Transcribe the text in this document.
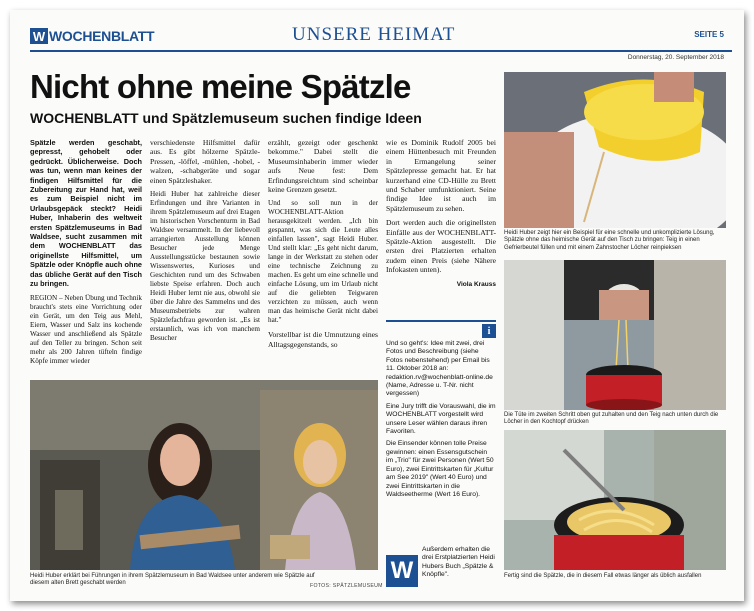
W WOCHENBLATT	UNSERE HEIMAT	SEITE 5
Donnerstag, 20. September 2018
Nicht ohne meine Spätzle
WOCHENBLATT und Spätzlemuseum suchen findige Ideen

Spätzle werden geschabt, gepresst, gehobelt oder gedrückt. Üblicherweise. Doch was tun, wenn man keines der findigen Hilfsmittel für die Zubereitung zur Hand hat, weil es zum Beispiel nicht im Urlaubsgepäck steckt? Heidi Huber, Inhaberin des weltweit ersten Spätzlemuseums in Bad Waldsee, sucht zusammen mit dem WOCHENBLATT das originellste Hilfsmittel, um Spätzle oder Knöpfle auch ohne das übliche Gerät auf den Tisch zu bringen.

REGION – Neben Übung und Technik braucht's stets eine Vorrichtung oder ein Gerät, um den Teig aus Mehl, Eiern, Wasser und Salz ins kochende Wasser und anschließend als Spätzle auf den Teller zu bringen. Schon seit mehr als 200 Jahren tüfteln findige Köpfe immer wieder

verschiedenste Hilfsmittel dafür aus. Es gibt hölzerne Spätzle-Pressen, -löffel, -mühlen, -hobel, -walzen, -schabgeräte und sogar einen Spätzleshaker.

Heidi Huber hat zahlreiche dieser Erfindungen und ihre Varianten in ihrem Spätzlemuseum auf drei Etagen im historischen Vorschenturm in Bad Waldsee versammelt. In der liebevoll arrangierten Ausstellung können Besucher jede Menge Ausstellungsstücke bestaunen sowie Wissenswertes, Kurioses und Geschichten rund um des Schwaben liebste Speise erfahren. Doch auch Heidi Huber lernt nie aus, obwohl sie über die Jahre des Sammelns und des Museumsbetriebs zur wahren Spätzlefachfrau geworden ist. „Es ist erstaunlich, was ich von manchem Besucher

erzählt, gezeigt oder geschenkt bekomme." Dabei stellt die Museumsinhaberin immer wieder aufs Neue fest: Dem Erfindungsreichtum sind scheinbar keine Grenzen gesetzt.

Und so soll nun in der WOCHENBLATT-Aktion herausgekitzelt werden. „Ich bin gespannt, was sich die Leute alles einfallen lassen", sagt Heidi Huber. Und stellt klar: „Es geht nicht darum, lange in der Werkstatt zu stehen oder eine technische Zeichnung zu machen. Es geht um eine schnelle und einfache Lösung, um im Urlaub nicht auf die geliebten Teigwaren verzichten zu müssen, auch wenn man das heimische Gerät nicht dabei hat."

Vorstellbar ist die Umnutzung eines Alltagsgegenstands, so

wie es Dominik Rudolf 2005 bei einem Hüttenbesuch mit Freunden in Ermangelung seiner Spätzlepresse gemacht hat. Er hat kurzerhand eine CD-Hülle zu Brett und Schaber umfunktioniert. Seine findige Idee ist auch im Spätzlemuseum zu sehen.

Dort werden auch die originellsten Einfälle aus der WOCHENBLATT-Spätzle-Aktion ausgestellt. Die ersten drei Platzierten erhalten zudem einen Preis (siehe Nähere Infokasten unten).

Viola Krauss

i

Und so geht's: Idee mit zwei, drei Fotos und Beschreibung (siehe Fotos nebenstehend) per Email bis 11. Oktober 2018 an: redaktion.rv@wochenblatt-online.de (Name, Adresse u. T-Nr. nicht vergessen)

Eine Jury trifft die Vorauswahl, die im WOCHENBLATT vorgestellt wird unsere Leser wählen daraus ihren Favoriten.

Die Einsender können tolle Preise gewinnen: einen Essensgutschein im „Trio" für zwei Personen (Wert 50 Euro), zwei Eintrittskarten für „Kultur am See 2019" (Wert 40 Euro) und zwei Eintrittskarten in die Waldseetherme (Wert 16 Euro).

W
Außerdem erhalten die drei Erstplatzierten Heidi Hubers Buch „Spätzle & Knöpfle".
Heidi Huber erklärt bei Führungen in ihrem Spätzlemuseum in Bad Waldsee unter anderem wie Spätzle auf diesem alten Brett geschabt werden	FOTOS: SPÄTZLEMUSEUM
Heidi Huber zeigt hier ein Beispiel für eine schnelle und unkomplizierte Lösung, Spätzle ohne das heimische Gerät auf den Tisch zu bringen: Teig in einen Gefrierbeutel füllen und mit einem Zahnstocher Löcher reinpieksen
Die Tüte im zweiten Schritt oben gut zuhalten und den Teig nach unten durch die Löcher in den Kochtopf drücken
Fertig sind die Spätzle, die in diesem Fall etwas länger als üblich ausfallen
